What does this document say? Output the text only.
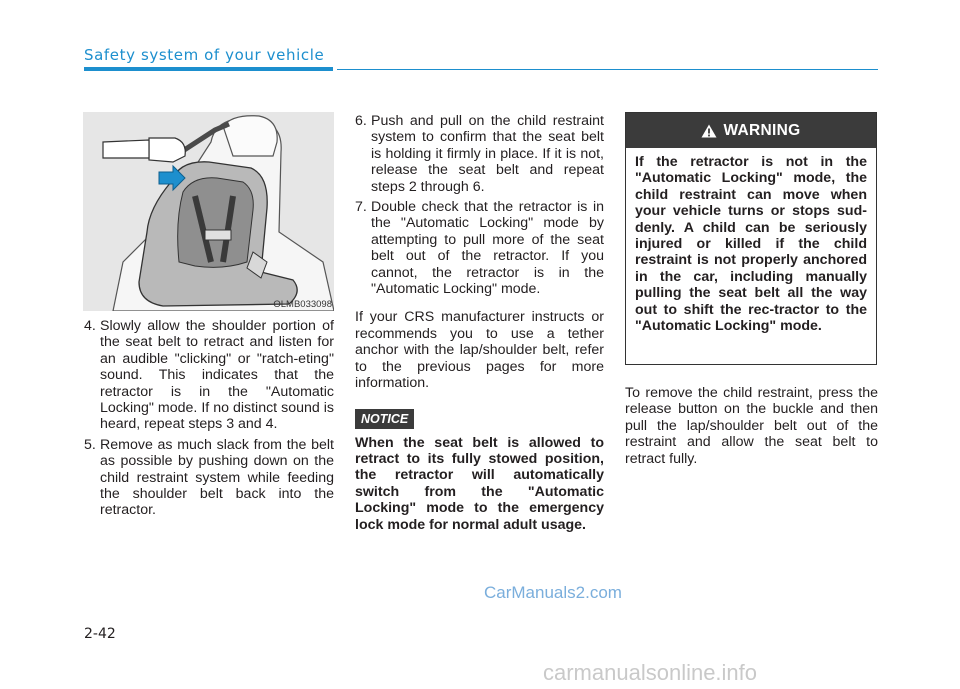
Safety system of your vehicle
OLMB033098
4. Slowly allow the shoulder portion of the seat belt to retract and listen for an audible "clicking" or "ratch-eting" sound. This indicates that the retractor is in the "Automatic Locking" mode. If no distinct sound is heard, repeat steps 3 and 4.
5. Remove as much slack from the belt as possible by pushing down on the child restraint system while feeding the shoulder belt back into the retractor.
6. Push and pull on the child restraint system to confirm that the seat belt is holding it firmly in place. If it is not, release the seat belt and repeat steps 2 through 6.
7. Double check that the retractor is in the "Automatic Locking" mode by attempting to pull more of the seat belt out of the retractor. If you cannot, the retractor is in the "Automatic Locking" mode.

If your CRS manufacturer instructs or recommends you to use a tether anchor with the lap/shoulder belt, refer to the previous pages for more information.

NOTICE

When the seat belt is allowed to retract to its fully stowed position, the retractor will automatically switch from the "Automatic Locking" mode to the emergency lock mode for normal adult usage.

WARNING
If the retractor is not in the "Automatic Locking" mode, the child restraint can move when your vehicle turns or stops sud-denly. A child can be seriously injured or killed if the child restraint is not properly anchored in the car, including manually pulling the seat belt all the way out to shift the rec-tractor to the "Automatic Locking" mode.

To remove the child restraint, press the release button on the buckle and then pull the lap/shoulder belt out of the restraint and allow the seat belt to retract fully.

2-42
CarManuals2.com
carmanualsonline.info
